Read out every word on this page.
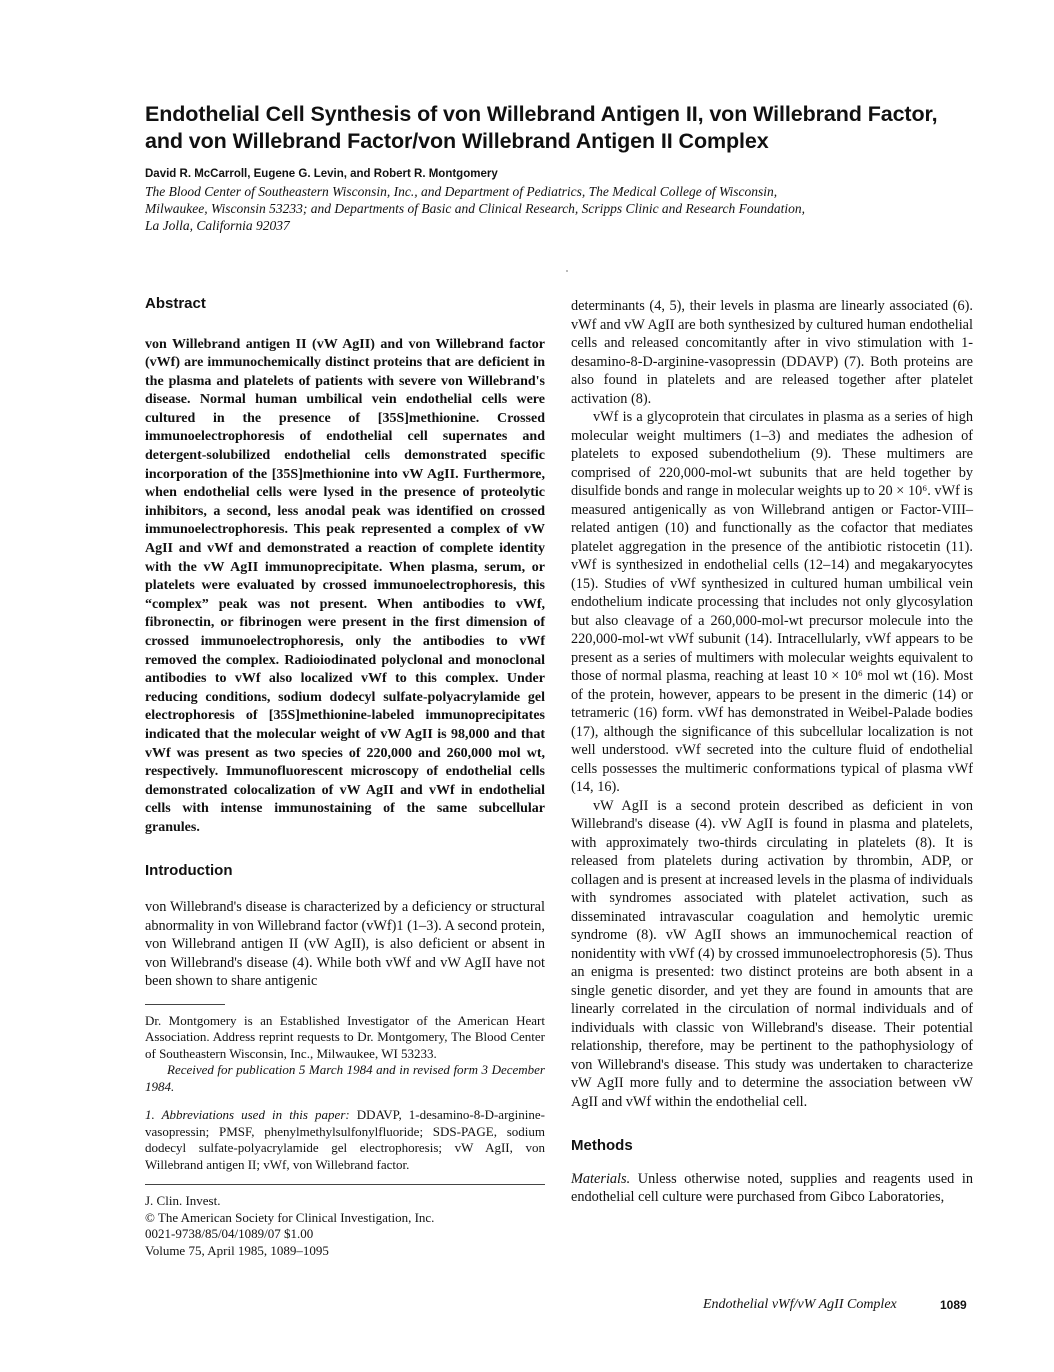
Endothelial Cell Synthesis of von Willebrand Antigen II, von Willebrand Factor,
and von Willebrand Factor/von Willebrand Antigen II Complex
David R. McCarroll, Eugene G. Levin, and Robert R. Montgomery
The Blood Center of Southeastern Wisconsin, Inc., and Department of Pediatrics, The Medical College of Wisconsin,
Milwaukee, Wisconsin 53233; and Departments of Basic and Clinical Research, Scripps Clinic and Research Foundation,
La Jolla, California 92037
Abstract

von Willebrand antigen II (vW AgII) and von Willebrand factor (vWf) are immunochemically distinct proteins that are deficient in the plasma and platelets of patients with severe von Willebrand's disease. Normal human umbilical vein endothelial cells were cultured in the presence of [35S]methionine. Crossed immunoelectrophoresis of endothelial cell supernates and detergent-solubilized endothelial cells demonstrated specific incorporation of the [35S]methionine into vW AgII. Furthermore, when endothelial cells were lysed in the presence of proteolytic inhibitors, a second, less anodal peak was identified on crossed immunoelectrophoresis. This peak represented a complex of vW AgII and vWf and demonstrated a reaction of complete identity with the vW AgII immunoprecipitate. When plasma, serum, or platelets were evaluated by crossed immunoelectrophoresis, this “complex” peak was not present. When antibodies to vWf, fibronectin, or fibrinogen were present in the first dimension of crossed immunoelectrophoresis, only the antibodies to vWf removed the complex. Radioiodinated polyclonal and monoclonal antibodies to vWf also localized vWf to this complex. Under reducing conditions, sodium dodecyl sulfate-polyacrylamide gel electrophoresis of [35S]methionine-labeled immunoprecipitates indicated that the molecular weight of vW AgII is 98,000 and that vWf was present as two species of 220,000 and 260,000 mol wt, respectively. Immunofluorescent microscopy of endothelial cells demonstrated colocalization of vW AgII and vWf in endothelial cells with intense immunostaining of the same subcellular granules.

Introduction

von Willebrand's disease is characterized by a deficiency or structural abnormality in von Willebrand factor (vWf)1 (1–3). A second protein, von Willebrand antigen II (vW AgII), is also deficient or absent in von Willebrand's disease (4). While both vWf and vW AgII have not been shown to share antigenic

Dr. Montgomery is an Established Investigator of the American Heart Association. Address reprint requests to Dr. Montgomery, The Blood Center of Southeastern Wisconsin, Inc., Milwaukee, WI 53233.

Received for publication 5 March 1984 and in revised form 3 December 1984.

1. Abbreviations used in this paper: DDAVP, 1-desamino-8-D-arginine-vasopressin; PMSF, phenylmethylsulfonylfluoride; SDS-PAGE, sodium dodecyl sulfate-polyacrylamide gel electrophoresis; vW AgII, von Willebrand antigen II; vWf, von Willebrand factor.

J. Clin. Invest.
© The American Society for Clinical Investigation, Inc.
0021-9738/85/04/1089/07 $1.00
Volume 75, April 1985, 1089–1095

determinants (4, 5), their levels in plasma are linearly associated (6). vWf and vW AgII are both synthesized by cultured human endothelial cells and released concomitantly after in vivo stimulation with 1-desamino-8-D-arginine-vasopressin (DDAVP) (7). Both proteins are also found in platelets and are released together after platelet activation (8).

vWf is a glycoprotein that circulates in plasma as a series of high molecular weight multimers (1–3) and mediates the adhesion of platelets to exposed subendothelium (9). These multimers are comprised of 220,000-mol-wt subunits that are held together by disulfide bonds and range in molecular weights up to 20 × 10⁶. vWf is measured antigenically as von Willebrand antigen or Factor-VIII–related antigen (10) and functionally as the cofactor that mediates platelet aggregation in the presence of the antibiotic ristocetin (11). vWf is synthesized in endothelial cells (12–14) and megakaryocytes (15). Studies of vWf synthesized in cultured human umbilical vein endothelium indicate processing that includes not only glycosylation but also cleavage of a 260,000-mol-wt precursor molecule into the 220,000-mol-wt vWf subunit (14). Intracellularly, vWf appears to be present as a series of multimers with molecular weights equivalent to those of normal plasma, reaching at least 10 × 10⁶ mol wt (16). Most of the protein, however, appears to be present in the dimeric (14) or tetrameric (16) form. vWf has demonstrated in Weibel-Palade bodies (17), although the significance of this subcellular localization is not well understood. vWf secreted into the culture fluid of endothelial cells possesses the multimeric conformations typical of plasma vWf (14, 16).

vW AgII is a second protein described as deficient in von Willebrand's disease (4). vW AgII is found in plasma and platelets, with approximately two-thirds circulating in platelets (8). It is released from platelets during activation by thrombin, ADP, or collagen and is present at increased levels in the plasma of individuals with syndromes associated with platelet activation, such as disseminated intravascular coagulation and hemolytic uremic syndrome (8). vW AgII shows an immunochemical reaction of nonidentity with vWf (4) by crossed immunoelectrophoresis (5). Thus an enigma is presented: two distinct proteins are both absent in a single genetic disorder, and yet they are found in amounts that are linearly correlated in the circulation of normal individuals and of individuals with classic von Willebrand's disease. Their potential relationship, therefore, may be pertinent to the pathophysiology of von Willebrand's disease. This study was undertaken to characterize vW AgII more fully and to determine the association between vW AgII and vWf within the endothelial cell.

Methods

Materials. Unless otherwise noted, supplies and reagents used in endothelial cell culture were purchased from Gibco Laboratories,

Endothelial vWf/vW AgII Complex	1089
